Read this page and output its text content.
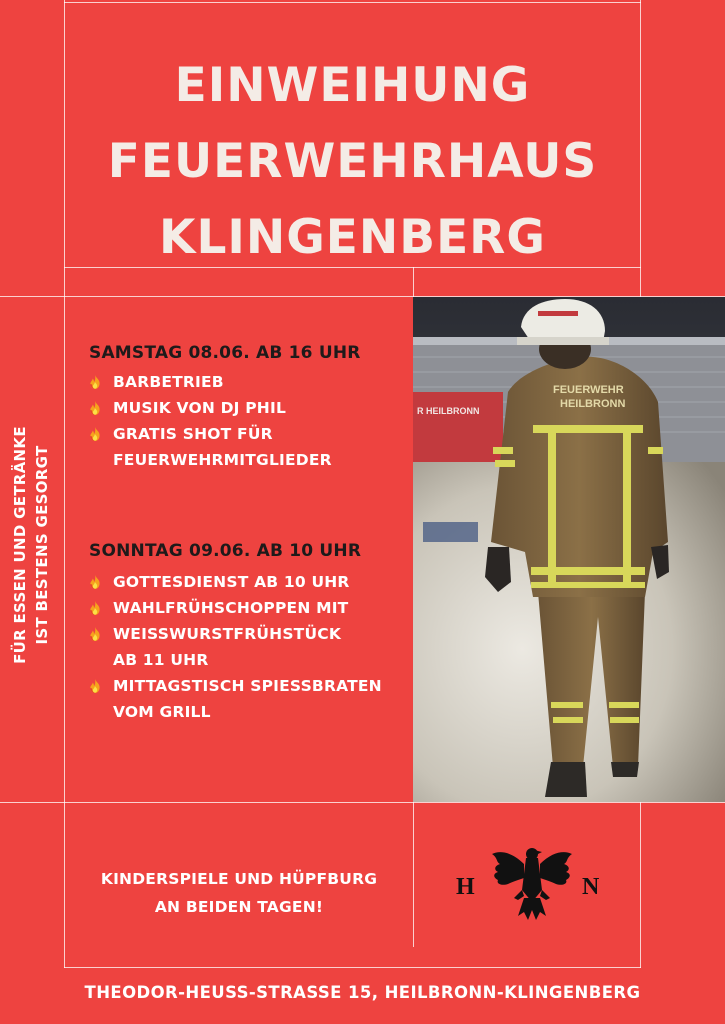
EINWEIHUNG
FEUERWEHRHAUS
KLINGENBERG
FÜR ESSEN UND GETRÄNKE IST BESTENS GESORGT
SAMSTAG 08.06. AB 16 UHR
BARBETRIEB
MUSIK VON DJ PHIL
GRATIS SHOT FÜR
FEUERWEHRMITGLIEDER
SONNTAG 09.06. AB 10 UHR
GOTTESDIENST AB 10 UHR
WAHLFRÜHSCHOPPEN MIT
WEISSWURSTFRÜHSTÜCK
AB 11 UHR
MITTAGSTISCH SPIESSBRATEN
VOM GRILL
R HEILBRONN
FEUERWEHR
HEILBRONN
KINDERSPIELE UND HÜPFBURG
AN BEIDEN TAGEN!
H	N
THEODOR-HEUSS-STRASSE 15, HEILBRONN-KLINGENBERG
